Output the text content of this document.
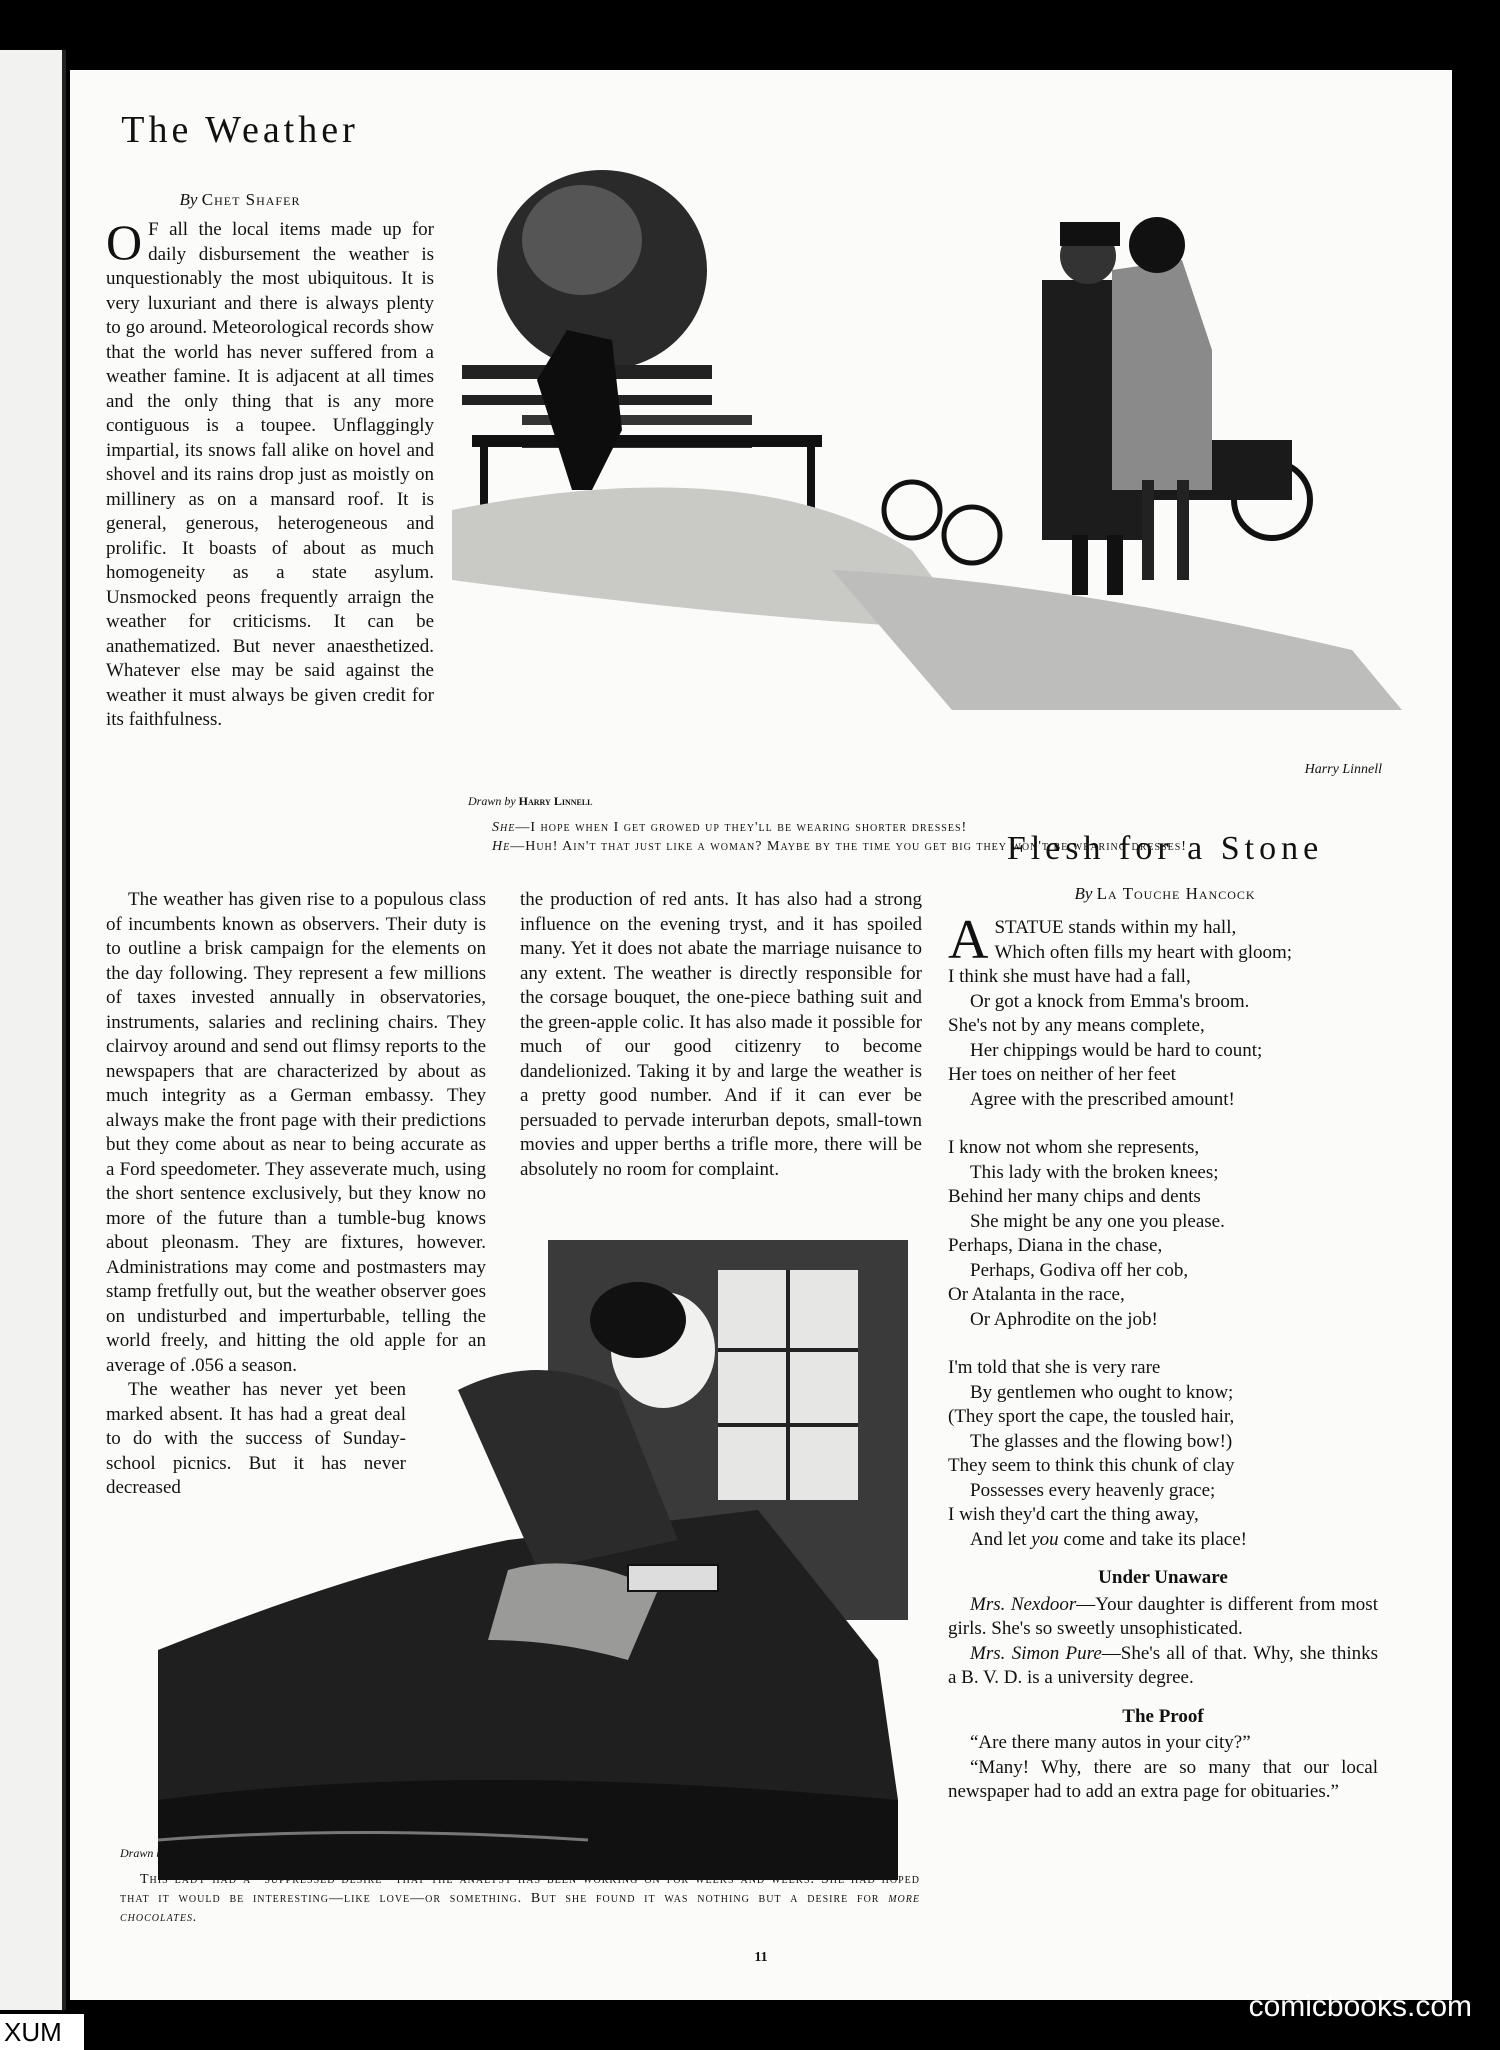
The Weather
By Chet Shafer

O F all the local items made up for daily disbursement the weather is unquestionably the most ubiquitous. It is very luxuriant and there is always plenty to go around. Meteorological records show that the world has never suffered from a weather famine. It is adjacent at all times and the only thing that is any more contiguous is a toupee. Unflaggingly impartial, its snows fall alike on hovel and shovel and its rains drop just as moistly on millinery as on a mansard roof. It is general, generous, heterogeneous and prolific. It boasts of about as much homogeneity as a state asylum. Unsmocked peons frequently arraign the weather for criticisms. It can be anathematized. But never anaesthetized. Whatever else may be said against the weather it must always be given credit for its faithfulness.

Harry Linnell
Drawn by Harry Linnell
She—I hope when I get growed up they'll be wearing shorter dresses!
He—Huh! Ain't that just like a woman? Maybe by the time you get big they won't be wearing dresses!

The weather has given rise to a populous class of incumbents known as observers. Their duty is to outline a brisk campaign for the elements on the day following. They represent a few millions of taxes invested annually in observatories, instruments, salaries and reclining chairs. They clairvoy around and send out flimsy reports to the newspapers that are characterized by about as much integrity as a German embassy. They always make the front page with their predictions but they come about as near to being accurate as a Ford speedometer. They asseverate much, using the short sentence exclusively, but they know no more of the future than a tumble-bug knows about pleonasm. They are fixtures, however. Administrations may come and postmasters may stamp fretfully out, but the weather observer goes on undisturbed and imperturbable, telling the world freely, and hitting the old apple for an average of .056 a season.

The weather has never yet been marked absent. It has had a great deal to do with the success of Sunday-school picnics. But it has never decreased

the production of red ants. It has also had a strong influence on the evening tryst, and it has spoiled many. Yet it does not abate the marriage nuisance to any extent. The weather is directly responsible for the corsage bouquet, the one-piece bathing suit and the green-apple colic. It has also made it possible for much of our good citizenry to become dandelionized. Taking it by and large the weather is a pretty good number. And if it can ever be persuaded to pervade interurban depots, small-town movies and upper berths a trifle more, there will be absolutely no room for complaint.

Drawn by Clive Weed
This lady had a “suppressed desire” that the analyst has been working on for weeks and weeks. She had hoped that it would be interesting—like love—or something. But she found it was nothing but a desire for more chocolates.
Flesh for a Stone
By La Touche Hancock
A STATUE stands within my hall,
Which often fills my heart with gloom;
I think she must have had a fall,
Or got a knock from Emma's broom.
She's not by any means complete,
Her chippings would be hard to count;
Her toes on neither of her feet
Agree with the prescribed amount!
I know not whom she represents,
This lady with the broken knees;
Behind her many chips and dents
She might be any one you please.
Perhaps, Diana in the chase,
Perhaps, Godiva off her cob,
Or Atalanta in the race,
Or Aphrodite on the job!
I'm told that she is very rare
By gentlemen who ought to know;
(They sport the cape, the tousled hair,
The glasses and the flowing bow!)
They seem to think this chunk of clay
Possesses every heavenly grace;
I wish they'd cart the thing away,
And let you come and take its place!
Under Unaware

Mrs. Nexdoor—Your daughter is different from most girls. She's so sweetly unsophisticated.

Mrs. Simon Pure—She's all of that. Why, she thinks a B. V. D. is a university degree.

The Proof

“Are there many autos in your city?”

“Many! Why, there are so many that our local newspaper had to add an extra page for obituaries.”

11
comicbooks.com
XUM
